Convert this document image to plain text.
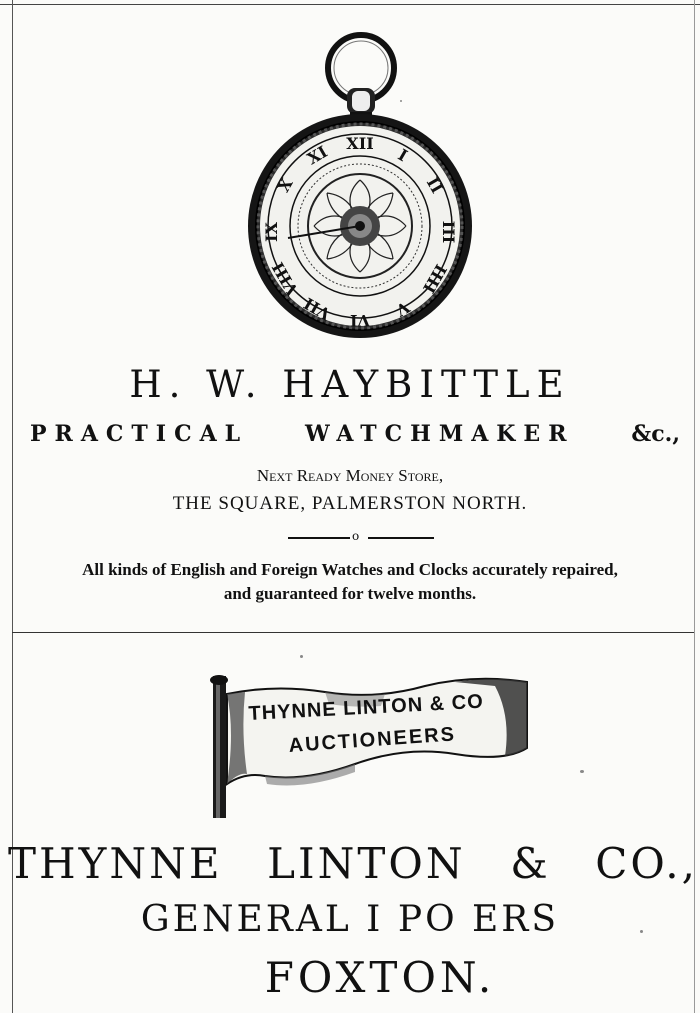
XII
I
II
III
IIII
V
VI
VII
VIII
IX
X
XI
H. W. HAYBITTLE
PRACTICAL	WATCHMAKER	&c.,
Next Ready Money Store,
THE SQUARE, PALMERSTON NORTH.
o
All kinds of English and Foreign Watches and Clocks accurately repaired,
and guaranteed for twelve months.
THYNNE LINTON & CO
AUCTIONEERS
THYNNE LINTON & CO.,
GENERAL I PO ERS
FOXTON.
